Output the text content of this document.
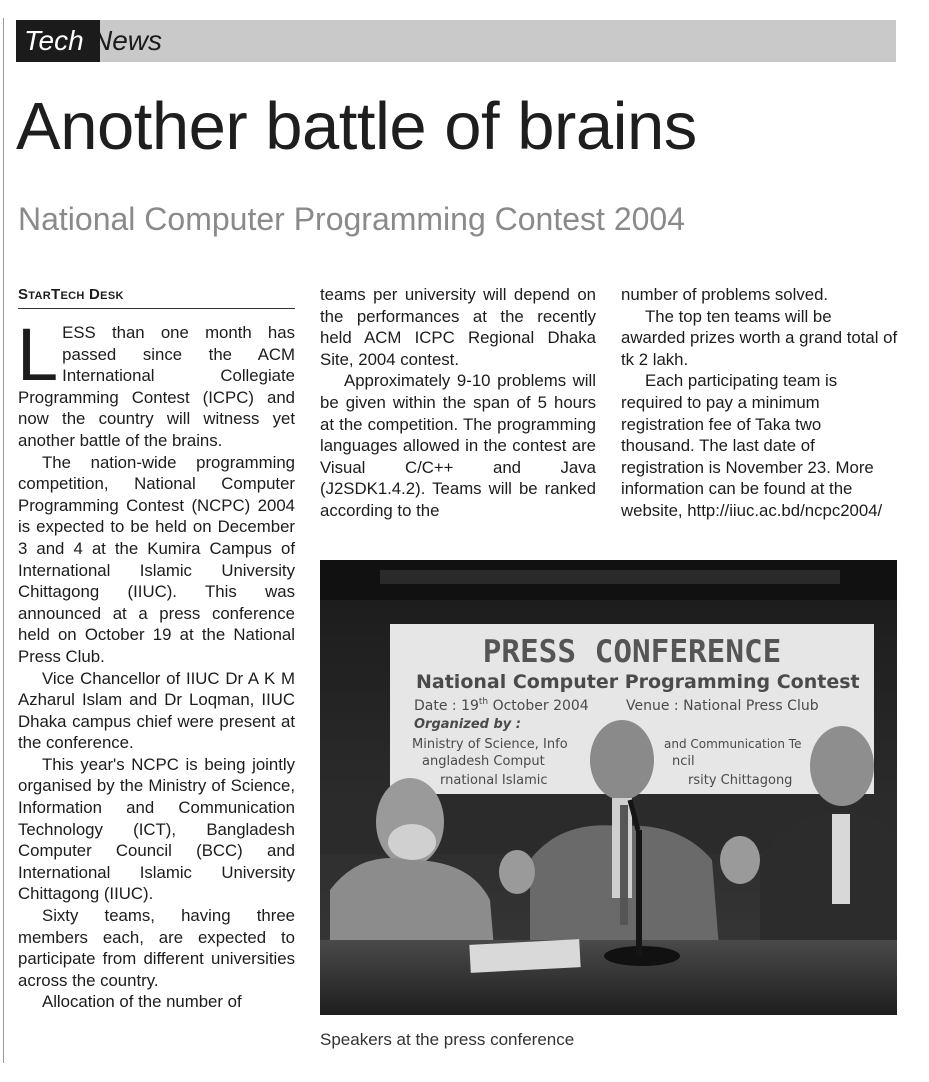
Tech News
Another battle of brains
National Computer Programming Contest 2004
StarTech Desk

LESS than one month has passed since the ACM International Collegiate Programming Contest (ICPC) and now the country will witness yet another battle of the brains.

The nation-wide programming competition, National Computer Programming Contest (NCPC) 2004 is expected to be held on December 3 and 4 at the Kumira Campus of International Islamic University Chittagong (IIUC). This was announced at a press conference held on October 19 at the National Press Club.

Vice Chancellor of IIUC Dr A K M Azharul Islam and Dr Loqman, IIUC Dhaka campus chief were present at the conference.

This year's NCPC is being jointly organised by the Ministry of Science, Information and Communication Technology (ICT), Bangladesh Computer Council (BCC) and International Islamic University Chittagong (IIUC).

Sixty teams, having three members each, are expected to participate from different universities across the country.

Allocation of the number of

teams per university will depend on the performances at the recently held ACM ICPC Regional Dhaka Site, 2004 contest.

Approximately 9-10 problems will be given within the span of 5 hours at the competition. The programming languages allowed in the contest are Visual C/C++ and Java (J2SDK1.4.2). Teams will be ranked according to the

number of problems solved.

The top ten teams will be awarded prizes worth a grand total of tk 2 lakh.

Each participating team is required to pay a minimum registration fee of Taka two thousand. The last date of registration is November 23. More information can be found at the website, http://iiuc.ac.bd/ncpc2004/

PRESS CONFERENCE
National Computer Programming Contest
Date : 19th October 2004	Venue : National Press Club
Organized by :
Ministry of Science, Info	and Communication Te
angladesh Comput	ncil
rnational Islamic	rsity Chittagong
Speakers at the press conference
